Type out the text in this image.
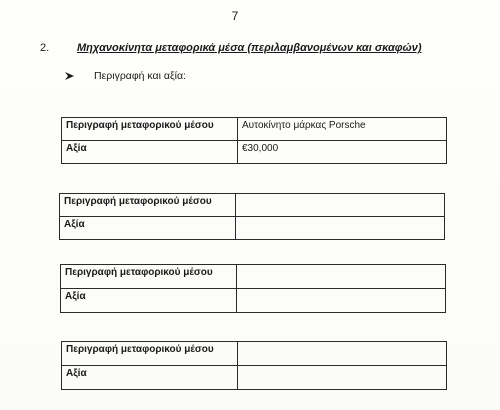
7
2.	Μηχανοκίνητα μεταφορικά μέσα (περιλαμβανομένων και σκαφών)
Περιγραφή και αξία:
Περιγραφή μεταφορικού μέσου	Αυτοκίνητο μάρκας Porsche
Αξία	€30,000
Περιγραφή μεταφορικού μέσου	
Αξία	
Περιγραφή μεταφορικού μέσου	
Αξία	
Περιγραφή μεταφορικού μέσου	
Αξία	
